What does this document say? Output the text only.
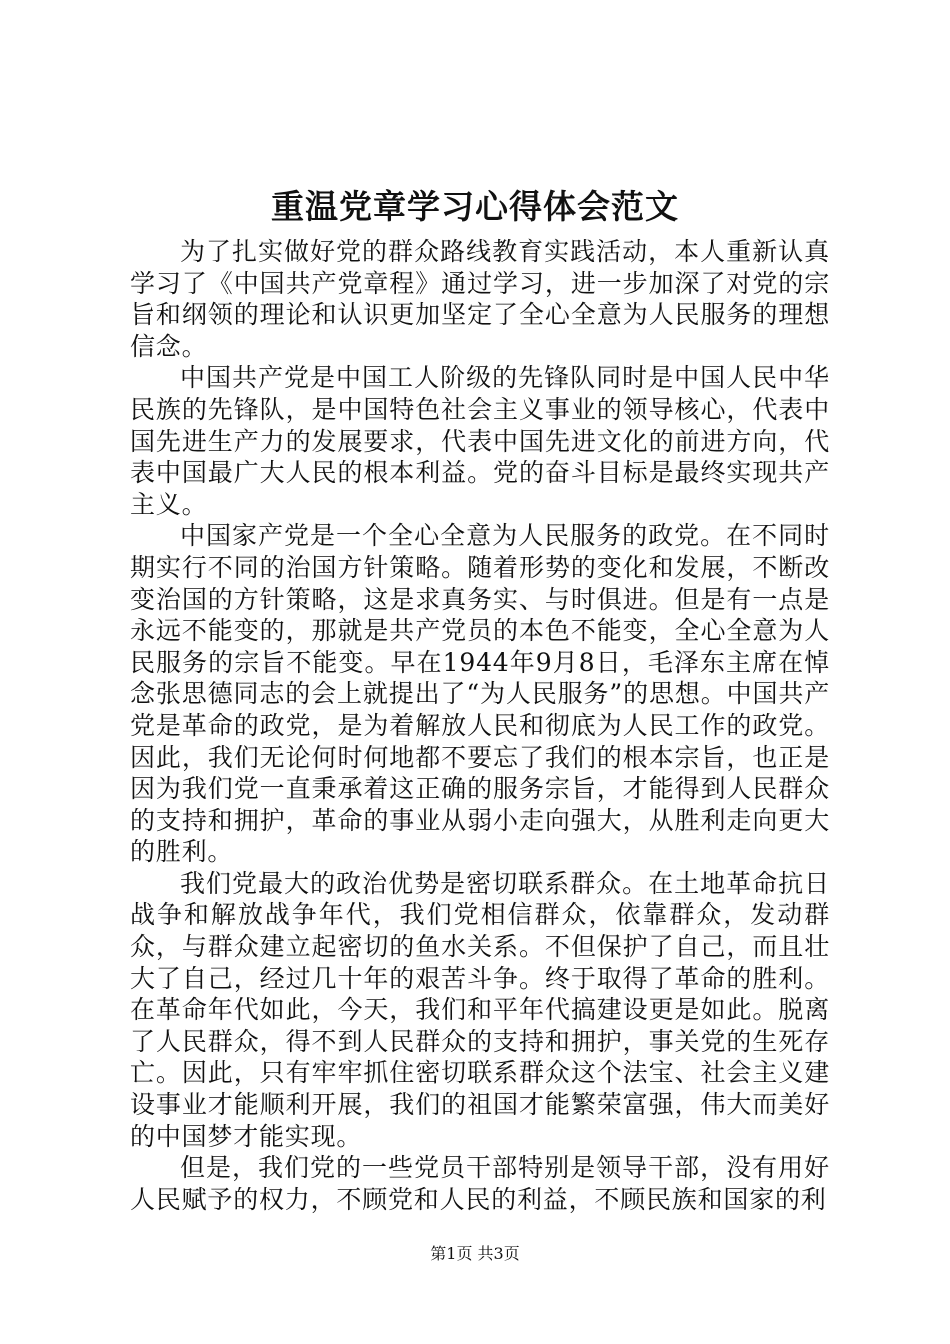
重温党章学习心得体会范文

为了扎实做好党的群众路线教育实践活动，本人重新认真学习了《中国共产党章程》通过学习，进一步加深了对党的宗旨和纲领的理论和认识更加坚定了全心全意为人民服务的理想信念。

中国共产党是中国工人阶级的先锋队同时是中国人民中华民族的先锋队，是中国特色社会主义事业的领导核心，代表中国先进生产力的发展要求，代表中国先进文化的前进方向，代表中国最广大人民的根本利益。党的奋斗目标是最终实现共产主义。

中国家产党是一个全心全意为人民服务的政党。在不同时期实行不同的治国方针策略。随着形势的变化和发展，不断改变治国的方针策略，这是求真务实、与时俱进。但是有一点是永远不能变的，那就是共产党员的本色不能变，全心全意为人民服务的宗旨不能变。早在1944年9月8日，毛泽东主席在悼念张思德同志的会上就提出了“为人民服务”的思想。中国共产党是革命的政党，是为着解放人民和彻底为人民工作的政党。因此，我们无论何时何地都不要忘了我们的根本宗旨，也正是因为我们党一直秉承着这正确的服务宗旨，才能得到人民群众的支持和拥护，革命的事业从弱小走向强大，从胜利走向更大的胜利。

我们党最大的政治优势是密切联系群众。在土地革命抗日战争和解放战争年代，我们党相信群众，依靠群众，发动群众，与群众建立起密切的鱼水关系。不但保护了自己，而且壮大了自己，经过几十年的艰苦斗争。终于取得了革命的胜利。在革命年代如此，今天，我们和平年代搞建设更是如此。脱离了人民群众，得不到人民群众的支持和拥护，事关党的生死存亡。因此，只有牢牢抓住密切联系群众这个法宝、社会主义建设事业才能顺利开展，我们的祖国才能繁荣富强，伟大而美好的中国梦才能实现。

但是，我们党的一些党员干部特别是领导干部，没有用好人民赋予的权力，不顾党和人民的利益，不顾民族和国家的利

第1页 共3页
